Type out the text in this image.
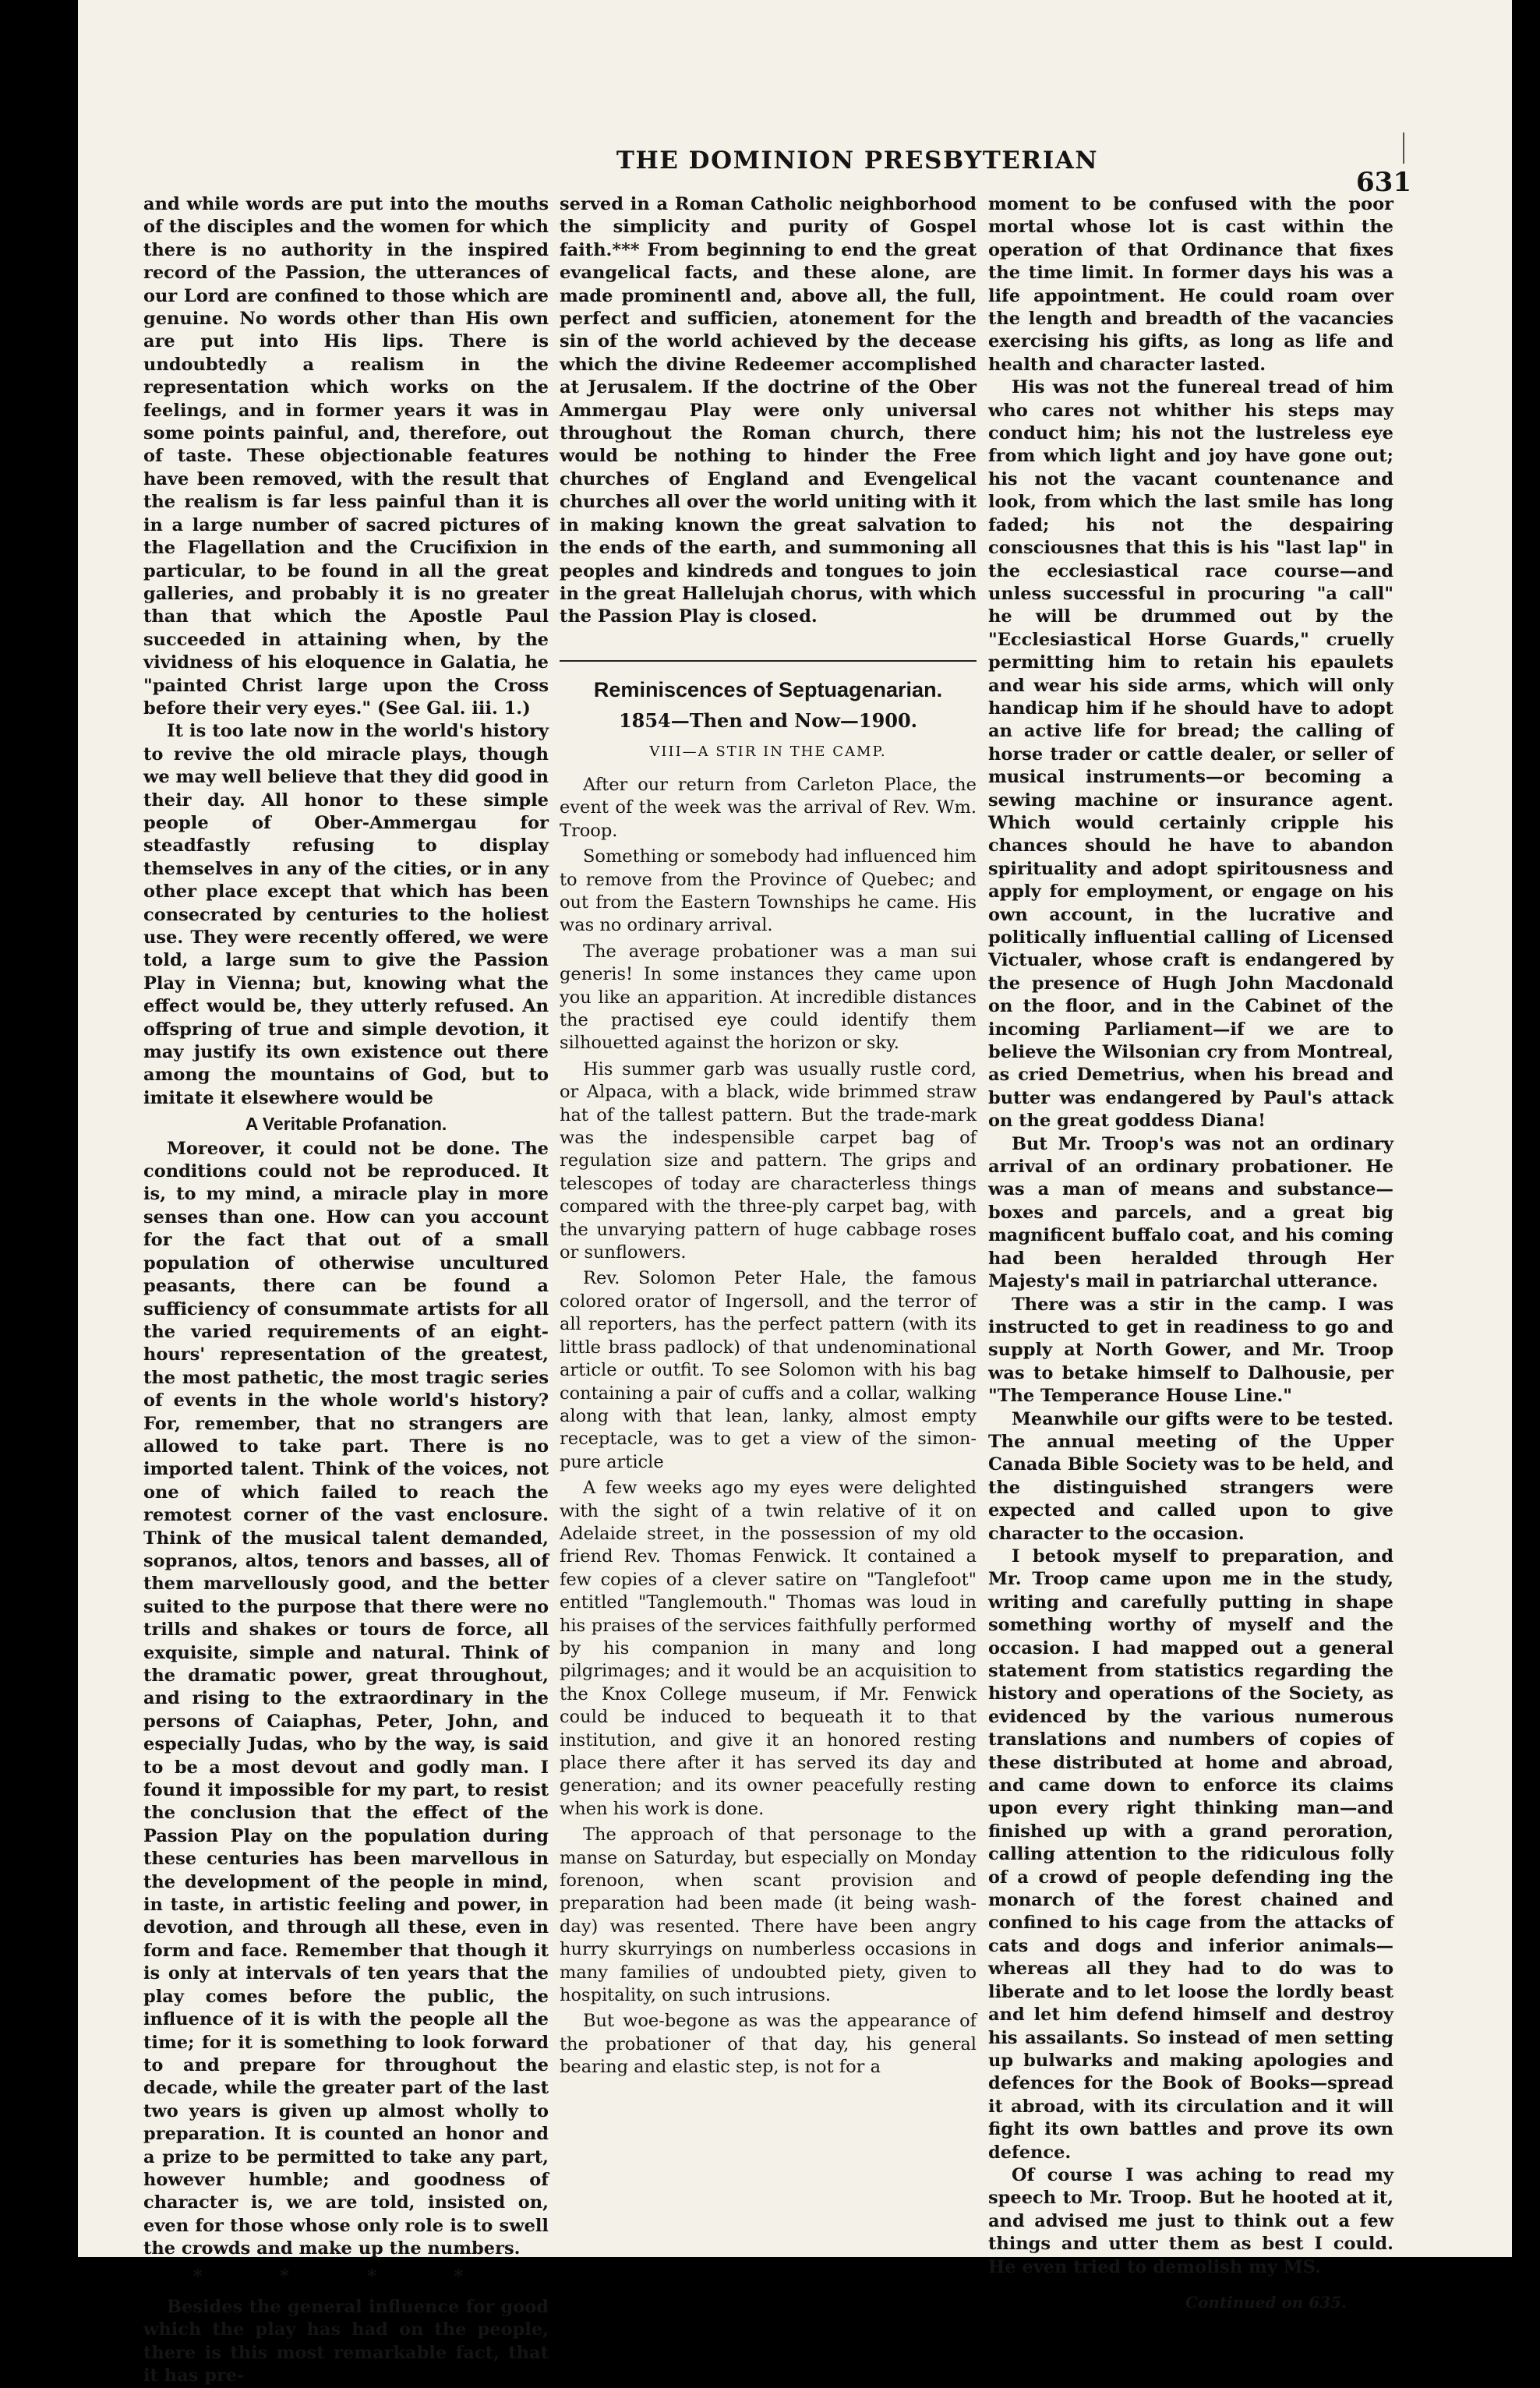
THE DOMINION PRESBYTERIAN
631

and while words are put into the mouths of the disciples and the women for which there is no authority in the inspired record of the Passion, the utterances of our Lord are confined to those which are genuine. No words other than His own are put into His lips. There is undoubtedly a realism in the representation which works on the feelings, and in former years it was in some points painful, and, therefore, out of taste. These objectionable features have been removed, with the result that the realism is far less painful than it is in a large number of sacred pictures of the Flagellation and the Crucifixion in particular, to be found in all the great galleries, and probably it is no greater than that which the Apostle Paul succeeded in attaining when, by the vividness of his eloquence in Galatia, he "painted Christ large upon the Cross before their very eyes." (See Gal. iii. 1.)

It is too late now in the world's history to revive the old miracle plays, though we may well believe that they did good in their day. All honor to these simple people of Ober-Ammergau for steadfastly refusing to display themselves in any of the cities, or in any other place except that which has been consecrated by centuries to the holiest use. They were recently offered, we were told, a large sum to give the Passion Play in Vienna; but, knowing what the effect would be, they utterly refused. An offspring of true and simple devotion, it may justify its own existence out there among the mountains of God, but to imitate it elsewhere would be

A Veritable Profanation.

Moreover, it could not be done. The conditions could not be reproduced. It is, to my mind, a miracle play in more senses than one. How can you account for the fact that out of a small population of otherwise uncultured peasants, there can be found a sufficiency of consummate artists for all the varied requirements of an eight-hours' representation of the greatest, the most pathetic, the most tragic series of events in the whole world's history? For, remember, that no strangers are allowed to take part. There is no imported talent. Think of the voices, not one of which failed to reach the remotest corner of the vast enclosure. Think of the musical talent demanded, sopranos, altos, tenors and basses, all of them marvellously good, and the better suited to the purpose that there were no trills and shakes or tours de force, all exquisite, simple and natural. Think of the dramatic power, great throughout, and rising to the extraordinary in the persons of Caiaphas, Peter, John, and especially Judas, who by the way, is said to be a most devout and godly man. I found it impossible for my part, to resist the conclusion that the effect of the Passion Play on the population during these centuries has been marvellous in the development of the people in mind, in taste, in artistic feeling and power, in devotion, and through all these, even in form and face. Remember that though it is only at intervals of ten years that the play comes before the public, the influence of it is with the people all the time; for it is something to look forward to and prepare for throughout the decade, while the greater part of the last two years is given up almost wholly to preparation. It is counted an honor and a prize to be permitted to take any part, however humble; and goodness of character is, we are told, insisted on, even for those whose only role is to swell the crowds and make up the numbers.

* * * *

Besides the general influence for good which the play has had on the people, there is this most remarkable fact, that it has pre-

served in a Roman Catholic neighborhood the simplicity and purity of Gospel faith.*** From beginning to end the great evangelical facts, and these alone, are made prominentl and, above all, the full, perfect and sufficien, atonement for the sin of the world achieved by the decease which the divine Redeemer accomplished at Jerusalem. If the doctrine of the Ober Ammergau Play were only universal throughout the Roman church, there would be nothing to hinder the Free churches of England and Evengelical churches all over the world uniting with it in making known the great salvation to the ends of the earth, and summoning all peoples and kindreds and tongues to join in the great Hallelujah chorus, with which the Passion Play is closed.

Reminiscences of Septuagenarian.
1854—Then and Now—1900.
VIII—A STIR IN THE CAMP.

After our return from Carleton Place, the event of the week was the arrival of Rev. Wm. Troop.

Something or somebody had influenced him to remove from the Province of Quebec; and out from the Eastern Townships he came. His was no ordinary arrival.

The average probationer was a man sui generis! In some instances they came upon you like an apparition. At incredible distances the practised eye could identify them silhouetted against the horizon or sky.

His summer garb was usually rustle cord, or Alpaca, with a black, wide brimmed straw hat of the tallest pattern. But the trade-mark was the indespensible carpet bag of regulation size and pattern. The grips and telescopes of today are characterless things compared with the three-ply carpet bag, with the unvarying pattern of huge cabbage roses or sunflowers.

Rev. Solomon Peter Hale, the famous colored orator of Ingersoll, and the terror of all reporters, has the perfect pattern (with its little brass padlock) of that undenominational article or outfit. To see Solomon with his bag containing a pair of cuffs and a collar, walking along with that lean, lanky, almost empty receptacle, was to get a view of the simon-pure article

A few weeks ago my eyes were delighted with the sight of a twin relative of it on Adelaide street, in the possession of my old friend Rev. Thomas Fenwick. It contained a few copies of a clever satire on "Tanglefoot" entitled "Tanglemouth." Thomas was loud in his praises of the services faithfully performed by his companion in many and long pilgrimages; and it would be an acquisition to the Knox College museum, if Mr. Fenwick could be induced to bequeath it to that institution, and give it an honored resting place there after it has served its day and generation; and its owner peacefully resting when his work is done.

The approach of that personage to the manse on Saturday, but especially on Monday forenoon, when scant provision and preparation had been made (it being wash-day) was resented. There have been angry hurry skurryings on numberless occasions in many families of undoubted piety, given to hospitality, on such intrusions.

But woe-begone as was the appearance of the probationer of that day, his general bearing and elastic step, is not for a

moment to be confused with the poor mortal whose lot is cast within the operation of that Ordinance that fixes the time limit. In former days his was a life appointment. He could roam over the length and breadth of the vacancies exercising his gifts, as long as life and health and character lasted.

His was not the funereal tread of him who cares not whither his steps may conduct him; his not the lustreless eye from which light and joy have gone out; his not the vacant countenance and look, from which the last smile has long faded; his not the despairing consciousnes that this is his "last lap" in the ecclesiastical race course—and unless successful in procuring "a call" he will be drummed out by the "Ecclesiastical Horse Guards," cruelly permitting him to retain his epaulets and wear his side arms, which will only handicap him if he should have to adopt an active life for bread; the calling of horse trader or cattle dealer, or seller of musical instruments—or becoming a sewing machine or insurance agent. Which would certainly cripple his chances should he have to abandon spirituality and adopt spiritousness and apply for employment, or engage on his own account, in the lucrative and politically influential calling of Licensed Victualer, whose craft is endangered by the presence of Hugh John Macdonald on the floor, and in the Cabinet of the incoming Parliament—if we are to believe the Wilsonian cry from Montreal, as cried Demetrius, when his bread and butter was endangered by Paul's attack on the great goddess Diana!

But Mr. Troop's was not an ordinary arrival of an ordinary probationer. He was a man of means and substance—boxes and parcels, and a great big magnificent buffalo coat, and his coming had been heralded through Her Majesty's mail in patriarchal utterance.

There was a stir in the camp. I was instructed to get in readiness to go and supply at North Gower, and Mr. Troop was to betake himself to Dalhousie, per "The Temperance House Line."

Meanwhile our gifts were to be tested. The annual meeting of the Upper Canada Bible Society was to be held, and the distinguished strangers were expected and called upon to give character to the occasion.

I betook myself to preparation, and Mr. Troop came upon me in the study, writing and carefully putting in shape something worthy of myself and the occasion. I had mapped out a general statement from statistics regarding the history and operations of the Society, as evidenced by the various numerous translations and numbers of copies of these distributed at home and abroad, and came down to enforce its claims upon every right thinking man—and finished up with a grand peroration, calling attention to the ridiculous folly of a crowd of people defending ing the monarch of the forest chained and confined to his cage from the attacks of cats and dogs and inferior animals—whereas all they had to do was to liberate and to let loose the lordly beast and let him defend himself and destroy his assailants. So instead of men setting up bulwarks and making apologies and defences for the Book of Books—spread it abroad, with its circulation and it will fight its own battles and prove its own defence.

Of course I was aching to read my speech to Mr. Troop. But he hooted at it, and advised me just to think out a few things and utter them as best I could. He even tried to demolish my MS.

Continued on 635.
